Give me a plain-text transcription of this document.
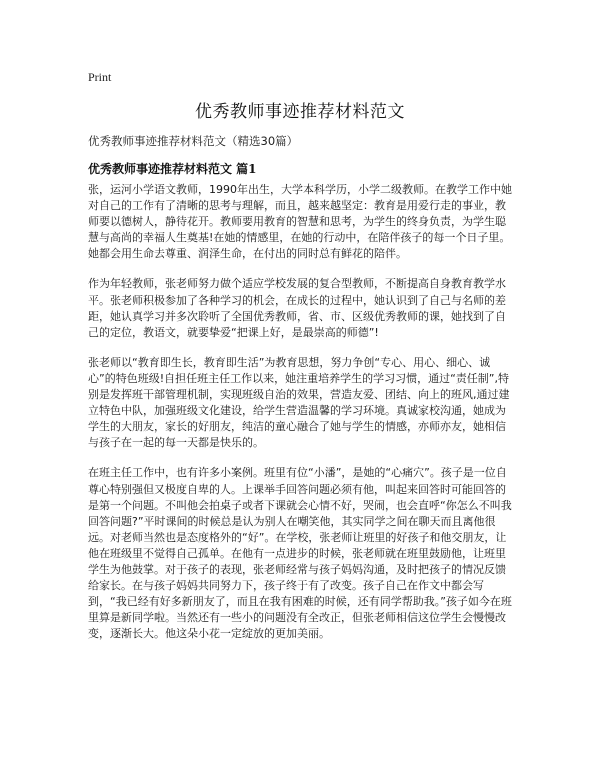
Print
优秀教师事迹推荐材料范文
优秀教师事迹推荐材料范文（精选30篇）
优秀教师事迹推荐材料范文 篇1

张，运河小学语文教师，1990年出生，大学本科学历，小学二级教师。在教学工作中她对自己的工作有了清晰的思考与理解，而且，越来越坚定：教育是用爱行走的事业，教师要以德树人，静待花开。教师要用教育的智慧和思考，为学生的终身负责，为学生聪慧与高尚的幸福人生奠基!在她的情感里，在她的行动中，在陪伴孩子的每一个日子里。她都会用生命去尊重、润泽生命，在付出的同时总有鲜花的陪伴。

作为年轻教师，张老师努力做个适应学校发展的复合型教师，不断提高自身教育教学水平。张老师积极参加了各种学习的机会，在成长的过程中，她认识到了自己与名师的差距，她认真学习并多次聆听了全国优秀教师，省、市、区级优秀教师的课，她找到了自己的定位，教语文，就要挚爱“把课上好，是最崇高的师德”!

张老师以“教育即生长，教育即生活”为教育思想，努力争创“专心、用心、细心、诚心”的特色班级!自担任班主任工作以来，她注重培养学生的学习习惯，通过“责任制”,特别是发挥班干部管理机制，实现班级自治的效果，营造友爱、团结、向上的班风,通过建立特色中队，加强班级文化建设，给学生营造温馨的学习环境。真诚家校沟通，她成为学生的大朋友，家长的好朋友，纯洁的童心融合了她与学生的情感，亦师亦友，她相信与孩子在一起的每一天都是快乐的。

在班主任工作中，也有许多小案例。班里有位“小潘”，是她的“心痛穴”。孩子是一位自尊心特别强但又极度自卑的人。上课举手回答问题必须有他，叫起来回答时可能回答的是第一个问题。不叫他会拍桌子或者下课就会心情不好，哭闹，也会直呼“你怎么不叫我回答问题?”平时课间的时候总是认为别人在嘲笑他，其实同学之间在聊天而且离他很远。对老师当然也是态度格外的“好”。在学校，张老师让班里的好孩子和他交朋友，让他在班级里不觉得自己孤单。在他有一点进步的时候，张老师就在班里鼓励他，让班里学生为他鼓掌。对于孩子的表现，张老师经常与孩子妈妈沟通，及时把孩子的情况反馈给家长。在与孩子妈妈共同努力下，孩子终于有了改变。孩子自己在作文中都会写到，“我已经有好多新朋友了，而且在我有困难的时候，还有同学帮助我。”孩子如今在班里算是新同学啦。当然还有一些小的问题没有全改正，但张老师相信这位学生会慢慢改变，逐渐长大。他这朵小花一定绽放的更加美丽。
